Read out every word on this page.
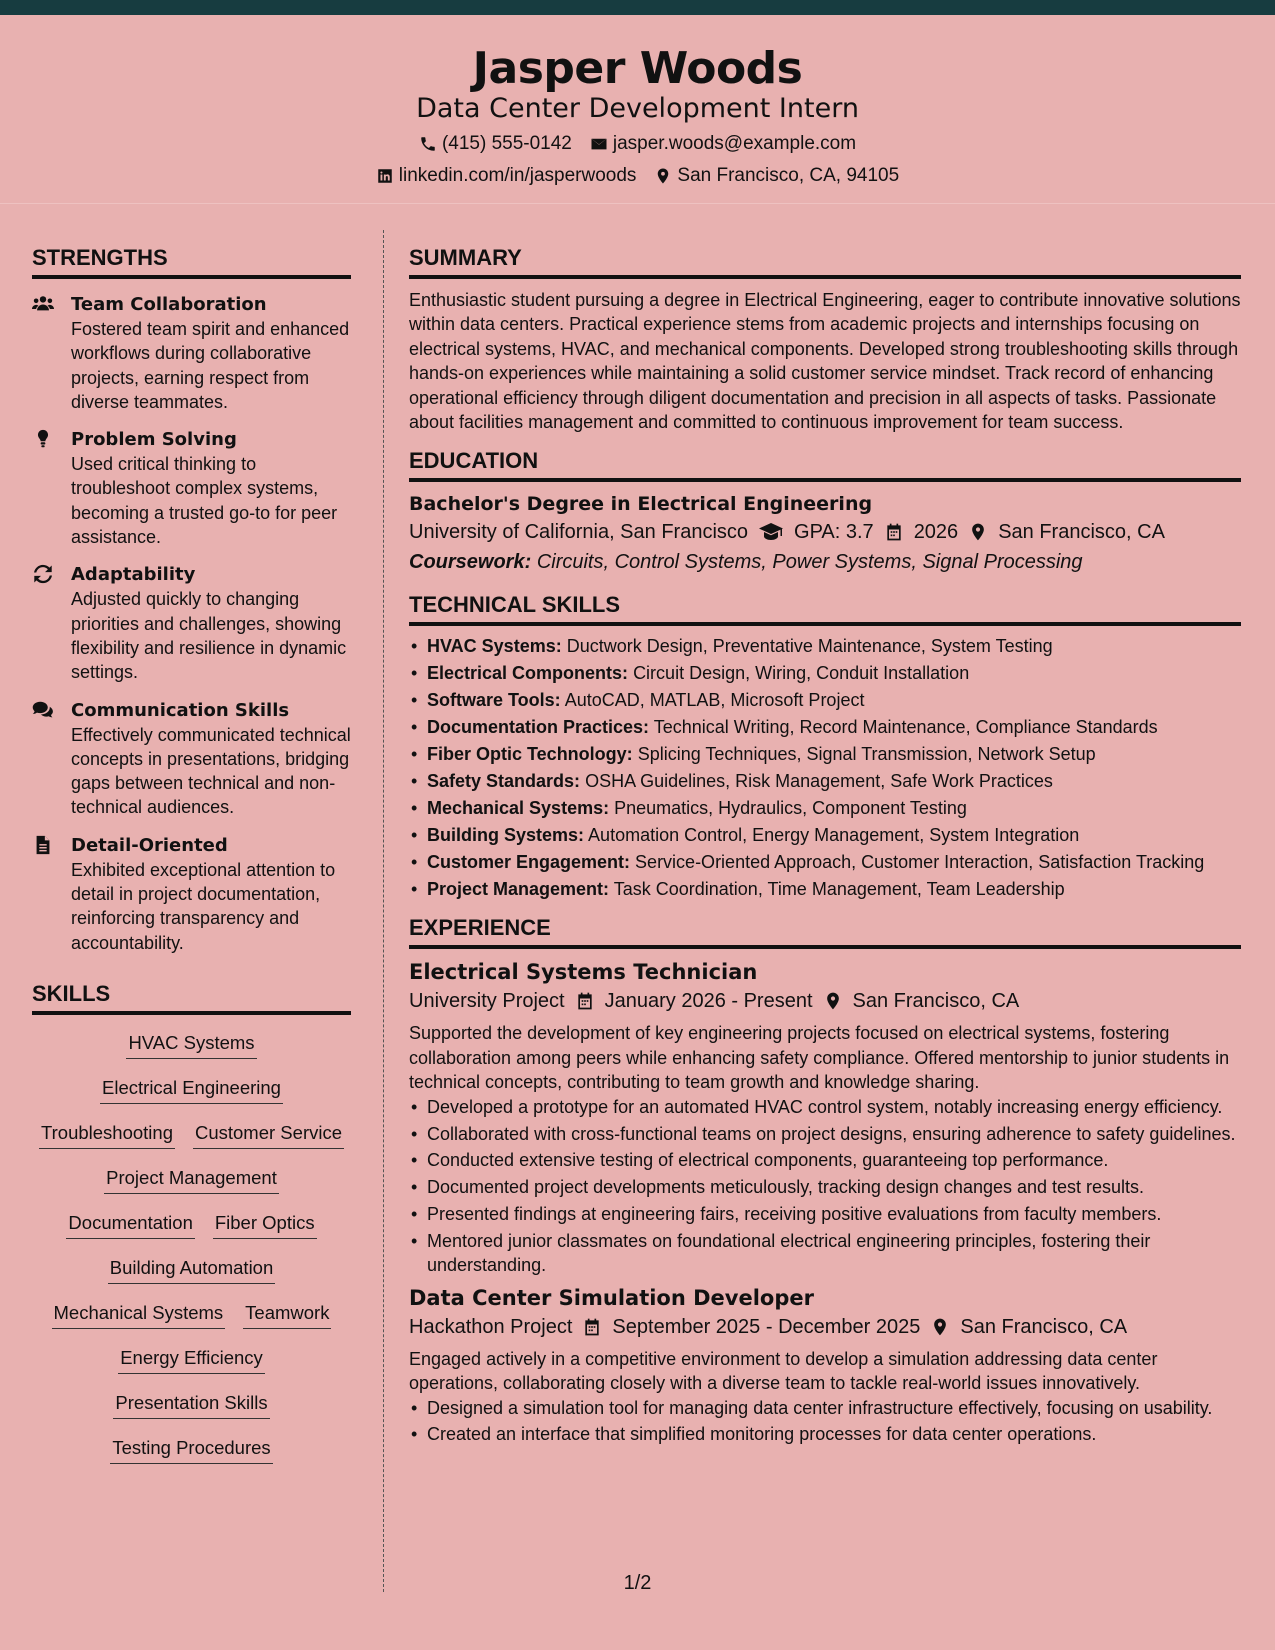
Jasper Woods
Data Center Development Intern
(415) 555-0142 jasper.woods@example.com
linkedin.com/in/jasperwoods San Francisco, CA, 94105
STRENGTHS
Team Collaboration
Fostered team spirit and enhanced workflows during collaborative projects, earning respect from diverse teammates.
Problem Solving
Used critical thinking to troubleshoot complex systems, becoming a trusted go-to for peer assistance.
Adaptability
Adjusted quickly to changing priorities and challenges, showing flexibility and resilience in dynamic settings.
Communication Skills
Effectively communicated technical concepts in presentations, bridging gaps between technical and non-technical audiences.
Detail-Oriented
Exhibited exceptional attention to detail in project documentation, reinforcing transparency and accountability.
SKILLS
HVAC Systems
Electrical Engineering
Troubleshooting Customer Service
Project Management
Documentation Fiber Optics
Building Automation
Mechanical Systems Teamwork
Energy Efficiency
Presentation Skills
Testing Procedures
SUMMARY
Enthusiastic student pursuing a degree in Electrical Engineering, eager to contribute innovative solutions within data centers. Practical experience stems from academic projects and internships focusing on electrical systems, HVAC, and mechanical components. Developed strong troubleshooting skills through hands-on experiences while maintaining a solid customer service mindset. Track record of enhancing operational efficiency through diligent documentation and precision in all aspects of tasks. Passionate about facilities management and committed to continuous improvement for team success.
EDUCATION
Bachelor's Degree in Electrical Engineering
University of California, San Francisco GPA: 3.7 2026 San Francisco, CA
Coursework: Circuits, Control Systems, Power Systems, Signal Processing
TECHNICAL SKILLS
• HVAC Systems: Ductwork Design, Preventative Maintenance, System Testing
• Electrical Components: Circuit Design, Wiring, Conduit Installation
• Software Tools: AutoCAD, MATLAB, Microsoft Project
• Documentation Practices: Technical Writing, Record Maintenance, Compliance Standards
• Fiber Optic Technology: Splicing Techniques, Signal Transmission, Network Setup
• Safety Standards: OSHA Guidelines, Risk Management, Safe Work Practices
• Mechanical Systems: Pneumatics, Hydraulics, Component Testing
• Building Systems: Automation Control, Energy Management, System Integration
• Customer Engagement: Service-Oriented Approach, Customer Interaction, Satisfaction Tracking
• Project Management: Task Coordination, Time Management, Team Leadership
EXPERIENCE
Electrical Systems Technician
University Project January 2026 - Present San Francisco, CA
Supported the development of key engineering projects focused on electrical systems, fostering collaboration among peers while enhancing safety compliance. Offered mentorship to junior students in technical concepts, contributing to team growth and knowledge sharing.
• Developed a prototype for an automated HVAC control system, notably increasing energy efficiency.
• Collaborated with cross-functional teams on project designs, ensuring adherence to safety guidelines.
• Conducted extensive testing of electrical components, guaranteeing top performance.
• Documented project developments meticulously, tracking design changes and test results.
• Presented findings at engineering fairs, receiving positive evaluations from faculty members.
• Mentored junior classmates on foundational electrical engineering principles, fostering their understanding.
Data Center Simulation Developer
Hackathon Project September 2025 - December 2025 San Francisco, CA
Engaged actively in a competitive environment to develop a simulation addressing data center operations, collaborating closely with a diverse team to tackle real-world issues innovatively.
• Designed a simulation tool for managing data center infrastructure effectively, focusing on usability.
• Created an interface that simplified monitoring processes for data center operations.
1/2
